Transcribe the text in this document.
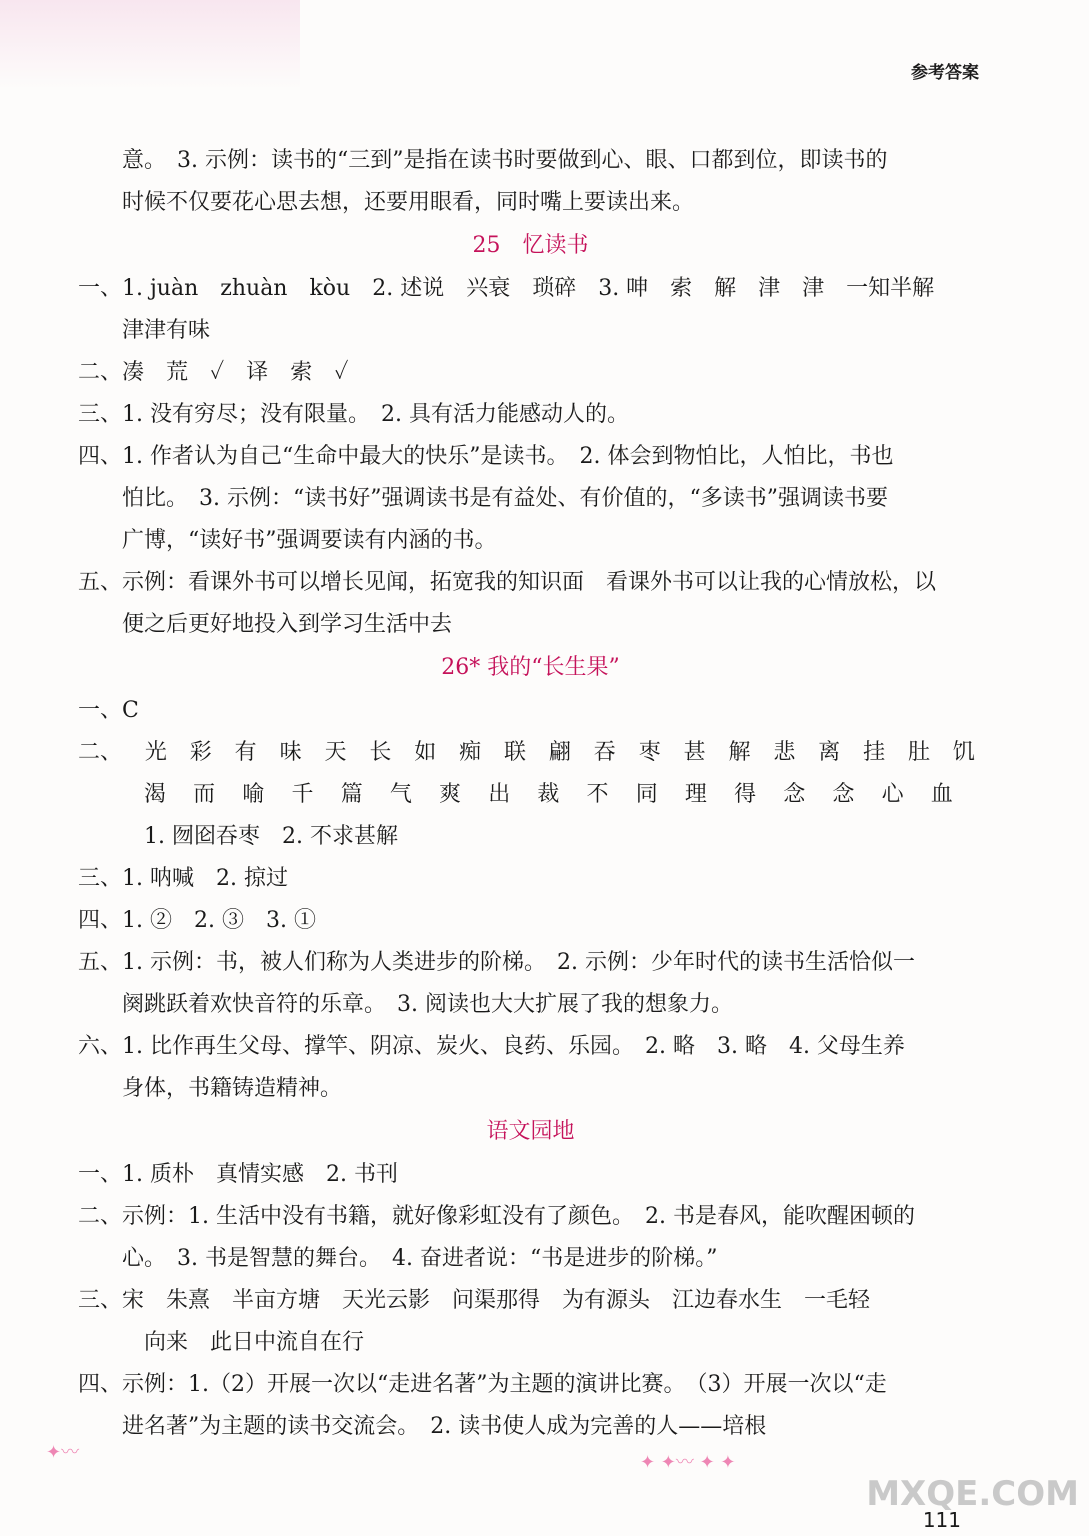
参考答案
意。　3. 示例：读书的“三到”是指在读书时要做到心、眼、口都到位，即读书的
时候不仅要花心思去想，还要用眼看，同时嘴上要读出来。
25　忆读书
一、1. juàn　zhuàn　kòu　2. 述说　兴衰　琐碎　3. 呻　索　解　津　津　一知半解
津津有味
二、凑　荒　✓　译　索　✓
三、1. 没有穷尽；没有限量。　2. 具有活力能感动人的。
四、1. 作者认为自己“生命中最大的快乐”是读书。　2. 体会到物怕比，人怕比，书也
怕比。　3. 示例：“读书好”强调读书是有益处、有价值的，“多读书”强调读书要
广博，“读好书”强调要读有内涵的书。
五、示例：看课外书可以增长见闻，拓宽我的知识面　看课外书可以让我的心情放松，以
便之后更好地投入到学习生活中去
26* 我的“长生果”
一、C
二、 光 彩 有 味 天 长 如 痴 联 翩 吞 枣 甚 解 悲 离 挂 肚 饥
渴 而 喻 千 篇 气 爽 出 裁 不 同 理 得 念 念 心 血
1. 囫囵吞枣　2. 不求甚解
三、1. 呐喊　2. 掠过
四、1. ②　2. ③　3. ①
五、1. 示例：书，被人们称为人类进步的阶梯。　2. 示例：少年时代的读书生活恰似一
阕跳跃着欢快音符的乐章。　3. 阅读也大大扩展了我的想象力。
六、1. 比作再生父母、撑竿、阴凉、炭火、良药、乐园。　2. 略　3. 略　4. 父母生养
身体，书籍铸造精神。
语文园地
一、1. 质朴　真情实感　2. 书刊
二、示例：1. 生活中没有书籍，就好像彩虹没有了颜色。　2. 书是春风，能吹醒困顿的
心。　3. 书是智慧的舞台。　4. 奋进者说：“书是进步的阶梯。”
三、宋　朱熹　半亩方塘　天光云影　问渠那得　为有源头　江边春水生　一毛轻
向来　此日中流自在行
四、示例：1.（2）开展一次以“走进名著”为主题的演讲比赛。　（3）开展一次以“走
进名著”为主题的读书交流会。　2. 读书使人成为完善的人——培根
✦〰	✦ ✦〰 ✦ ✦
MXQE.COM
111
